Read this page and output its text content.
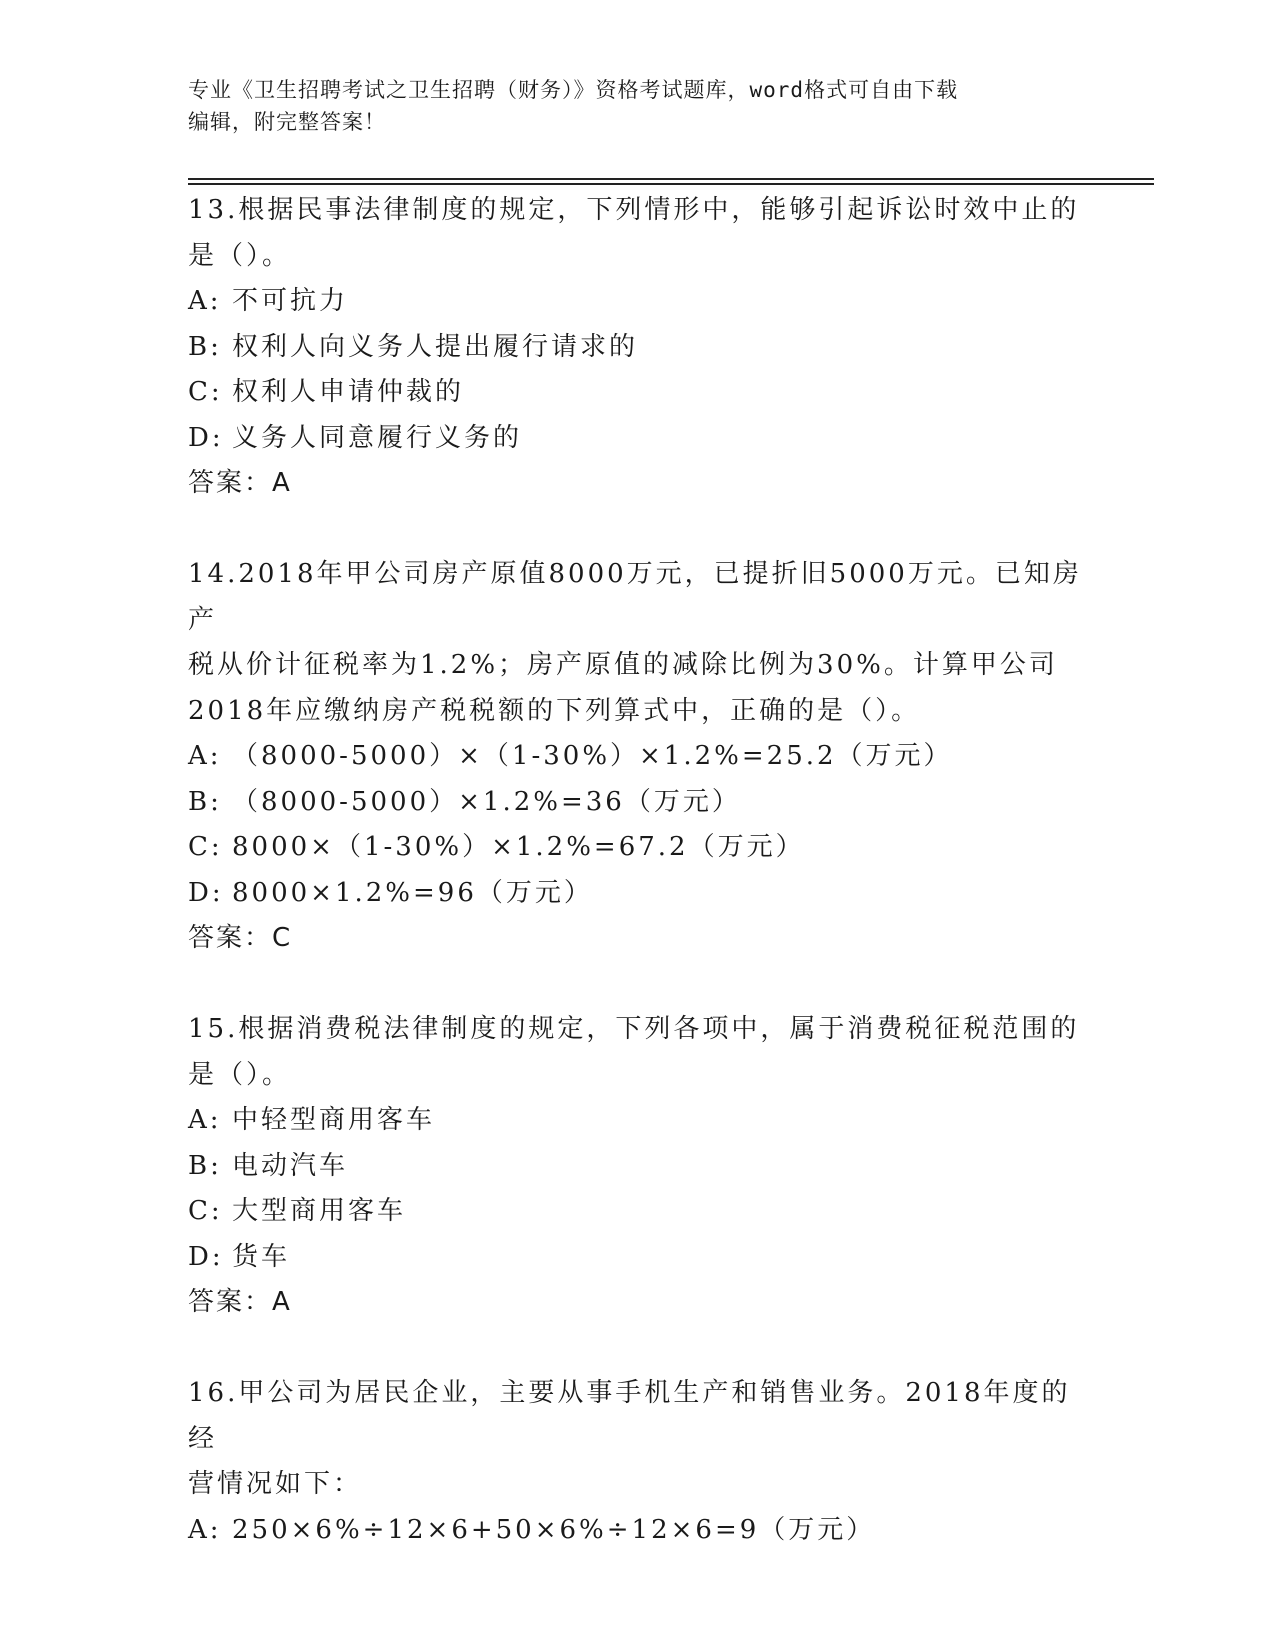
专业《卫生招聘考试之卫生招聘（财务）》资格考试题库，word格式可自由下载
编辑，附完整答案！
13.根据民事法律制度的规定，下列情形中，能够引起诉讼时效中止的
是（）。
A: 不可抗力
B: 权利人向义务人提出履行请求的
C: 权利人申请仲裁的
D: 义务人同意履行义务的
答案：A
14.2018年甲公司房产原值8000万元，已提折旧5000万元。已知房产
税从价计征税率为1.2%；房产原值的减除比例为30%。计算甲公司
2018年应缴纳房产税税额的下列算式中，正确的是（）。
A: （8000-5000）×（1-30%）×1.2%=25.2（万元）
B: （8000-5000）×1.2%=36（万元）
C: 8000×（1-30%）×1.2%=67.2（万元）
D: 8000×1.2%=96（万元）
答案：C
15.根据消费税法律制度的规定，下列各项中，属于消费税征税范围的
是（）。
A: 中轻型商用客车
B: 电动汽车
C: 大型商用客车
D: 货车
答案：A
16.甲公司为居民企业，主要从事手机生产和销售业务。2018年度的经
营情况如下：
A: 250×6%÷12×6+50×6%÷12×6=9（万元）
